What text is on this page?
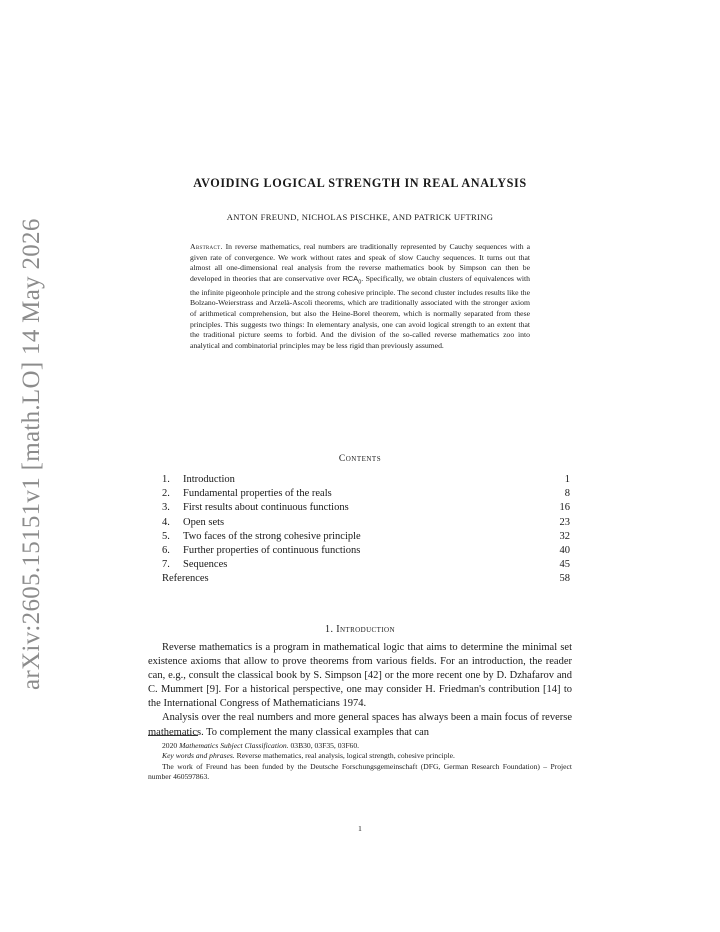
arXiv:2605.15151v1 [math.LO] 14 May 2026
AVOIDING LOGICAL STRENGTH IN REAL ANALYSIS
ANTON FREUND, NICHOLAS PISCHKE, AND PATRICK UFTRING
Abstract. In reverse mathematics, real numbers are traditionally represented by Cauchy sequences with a given rate of convergence. We work without rates and speak of slow Cauchy sequences. It turns out that almost all one-dimensional real analysis from the reverse mathematics book by Simpson can then be developed in theories that are conservative over $RCA_0$. Specifically, we obtain clusters of equivalences with the infinite pigeonhole principle and the strong cohesive principle. The second cluster includes results like the Bolzano-Weierstrass and Arzelà-Ascoli theorems, which are traditionally associated with the stronger axiom of arithmetical comprehension, but also the Heine-Borel theorem, which is normally separated from these principles. This suggests two things: In elementary analysis, one can avoid logical strength to an extent that the traditional picture seems to forbid. And the division of the so-called reverse mathematics zoo into analytical and combinatorial principles may be less rigid than previously assumed.
Contents
1.	Introduction	1
2.	Fundamental properties of the reals	8
3.	First results about continuous functions	16
4.	Open sets	23
5.	Two faces of the strong cohesive principle	32
6.	Further properties of continuous functions	40
7.	Sequences	45
References	58
1. Introduction

Reverse mathematics is a program in mathematical logic that aims to determine the minimal set existence axioms that allow to prove theorems from various fields. For an introduction, the reader can, e.g., consult the classical book by S. Simpson [42] or the more recent one by D. Dzhafarov and C. Mummert [9]. For a historical perspective, one may consider H. Friedman's contribution [14] to the International Congress of Mathematicians 1974.

Analysis over the real numbers and more general spaces has always been a main focus of reverse mathematics. To complement the many classical examples that can

2020 Mathematics Subject Classification. 03B30, 03F35, 03F60.

Key words and phrases. Reverse mathematics, real analysis, logical strength, cohesive principle.

The work of Freund has been funded by the Deutsche Forschungsgemeinschaft (DFG, German Research Foundation) – Project number 460597863.

1
